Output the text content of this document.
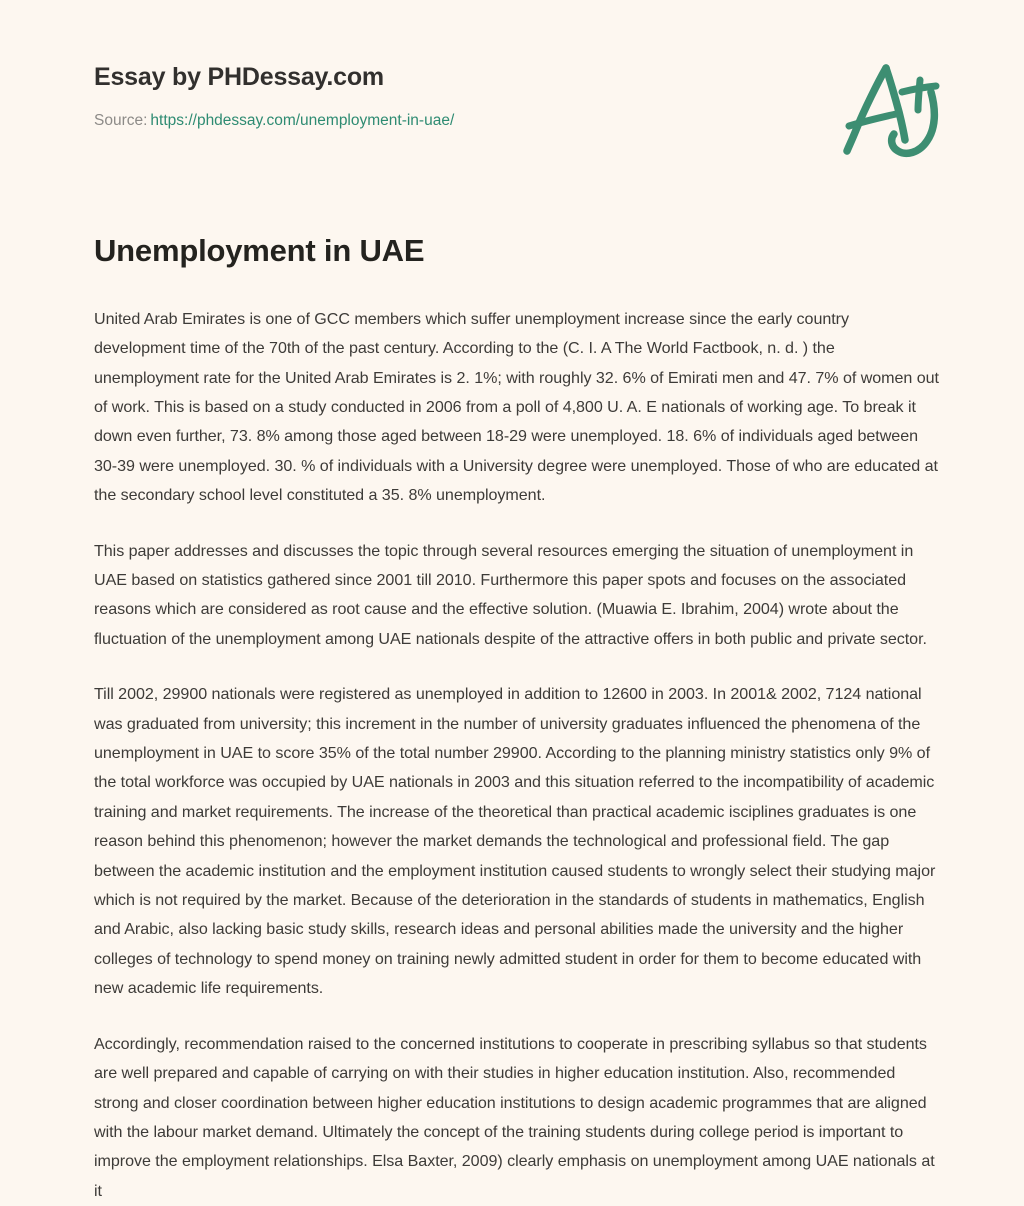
Essay by PHDessay.com
Source: https://phdessay.com/unemployment-in-uae/
Unemployment in UAE

United Arab Emirates is one of GCC members which suffer unemployment increase since the early country development time of the 70th of the past century. According to the (C. I. A The World Factbook, n. d. ) the unemployment rate for the United Arab Emirates is 2. 1%; with roughly 32. 6% of Emirati men and 47. 7% of women out of work. This is based on a study conducted in 2006 from a poll of 4,800 U. A. E nationals of working age. To break it down even further, 73. 8% among those aged between 18-29 were unemployed. 18. 6% of individuals aged between 30-39 were unemployed. 30. % of individuals with a University degree were unemployed. Those of who are educated at the secondary school level constituted a 35. 8% unemployment.

This paper addresses and discusses the topic through several resources emerging the situation of unemployment in UAE based on statistics gathered since 2001 till 2010. Furthermore this paper spots and focuses on the associated reasons which are considered as root cause and the effective solution. (Muawia E. Ibrahim, 2004) wrote about the fluctuation of the unemployment among UAE nationals despite of the attractive offers in both public and private sector.

Till 2002, 29900 nationals were registered as unemployed in addition to 12600 in 2003. In 2001& 2002, 7124 national was graduated from university; this increment in the number of university graduates influenced the phenomena of the unemployment in UAE to score 35% of the total number 29900. According to the planning ministry statistics only 9% of the total workforce was occupied by UAE nationals in 2003 and this situation referred to the incompatibility of academic training and market requirements. The increase of the theoretical than practical academic isciplines graduates is one reason behind this phenomenon; however the market demands the technological and professional field. The gap between the academic institution and the employment institution caused students to wrongly select their studying major which is not required by the market. Because of the deterioration in the standards of students in mathematics, English and Arabic, also lacking basic study skills, research ideas and personal abilities made the university and the higher colleges of technology to spend money on training newly admitted student in order for them to become educated with new academic life requirements.

Accordingly, recommendation raised to the concerned institutions to cooperate in prescribing syllabus so that students are well prepared and capable of carrying on with their studies in higher education institution. Also, recommended strong and closer coordination between higher education institutions to design academic programmes that are aligned with the labour market demand. Ultimately the concept of the training students during college period is important to improve the employment relationships. Elsa Baxter, 2009) clearly emphasis on unemployment among UAE nationals at it
